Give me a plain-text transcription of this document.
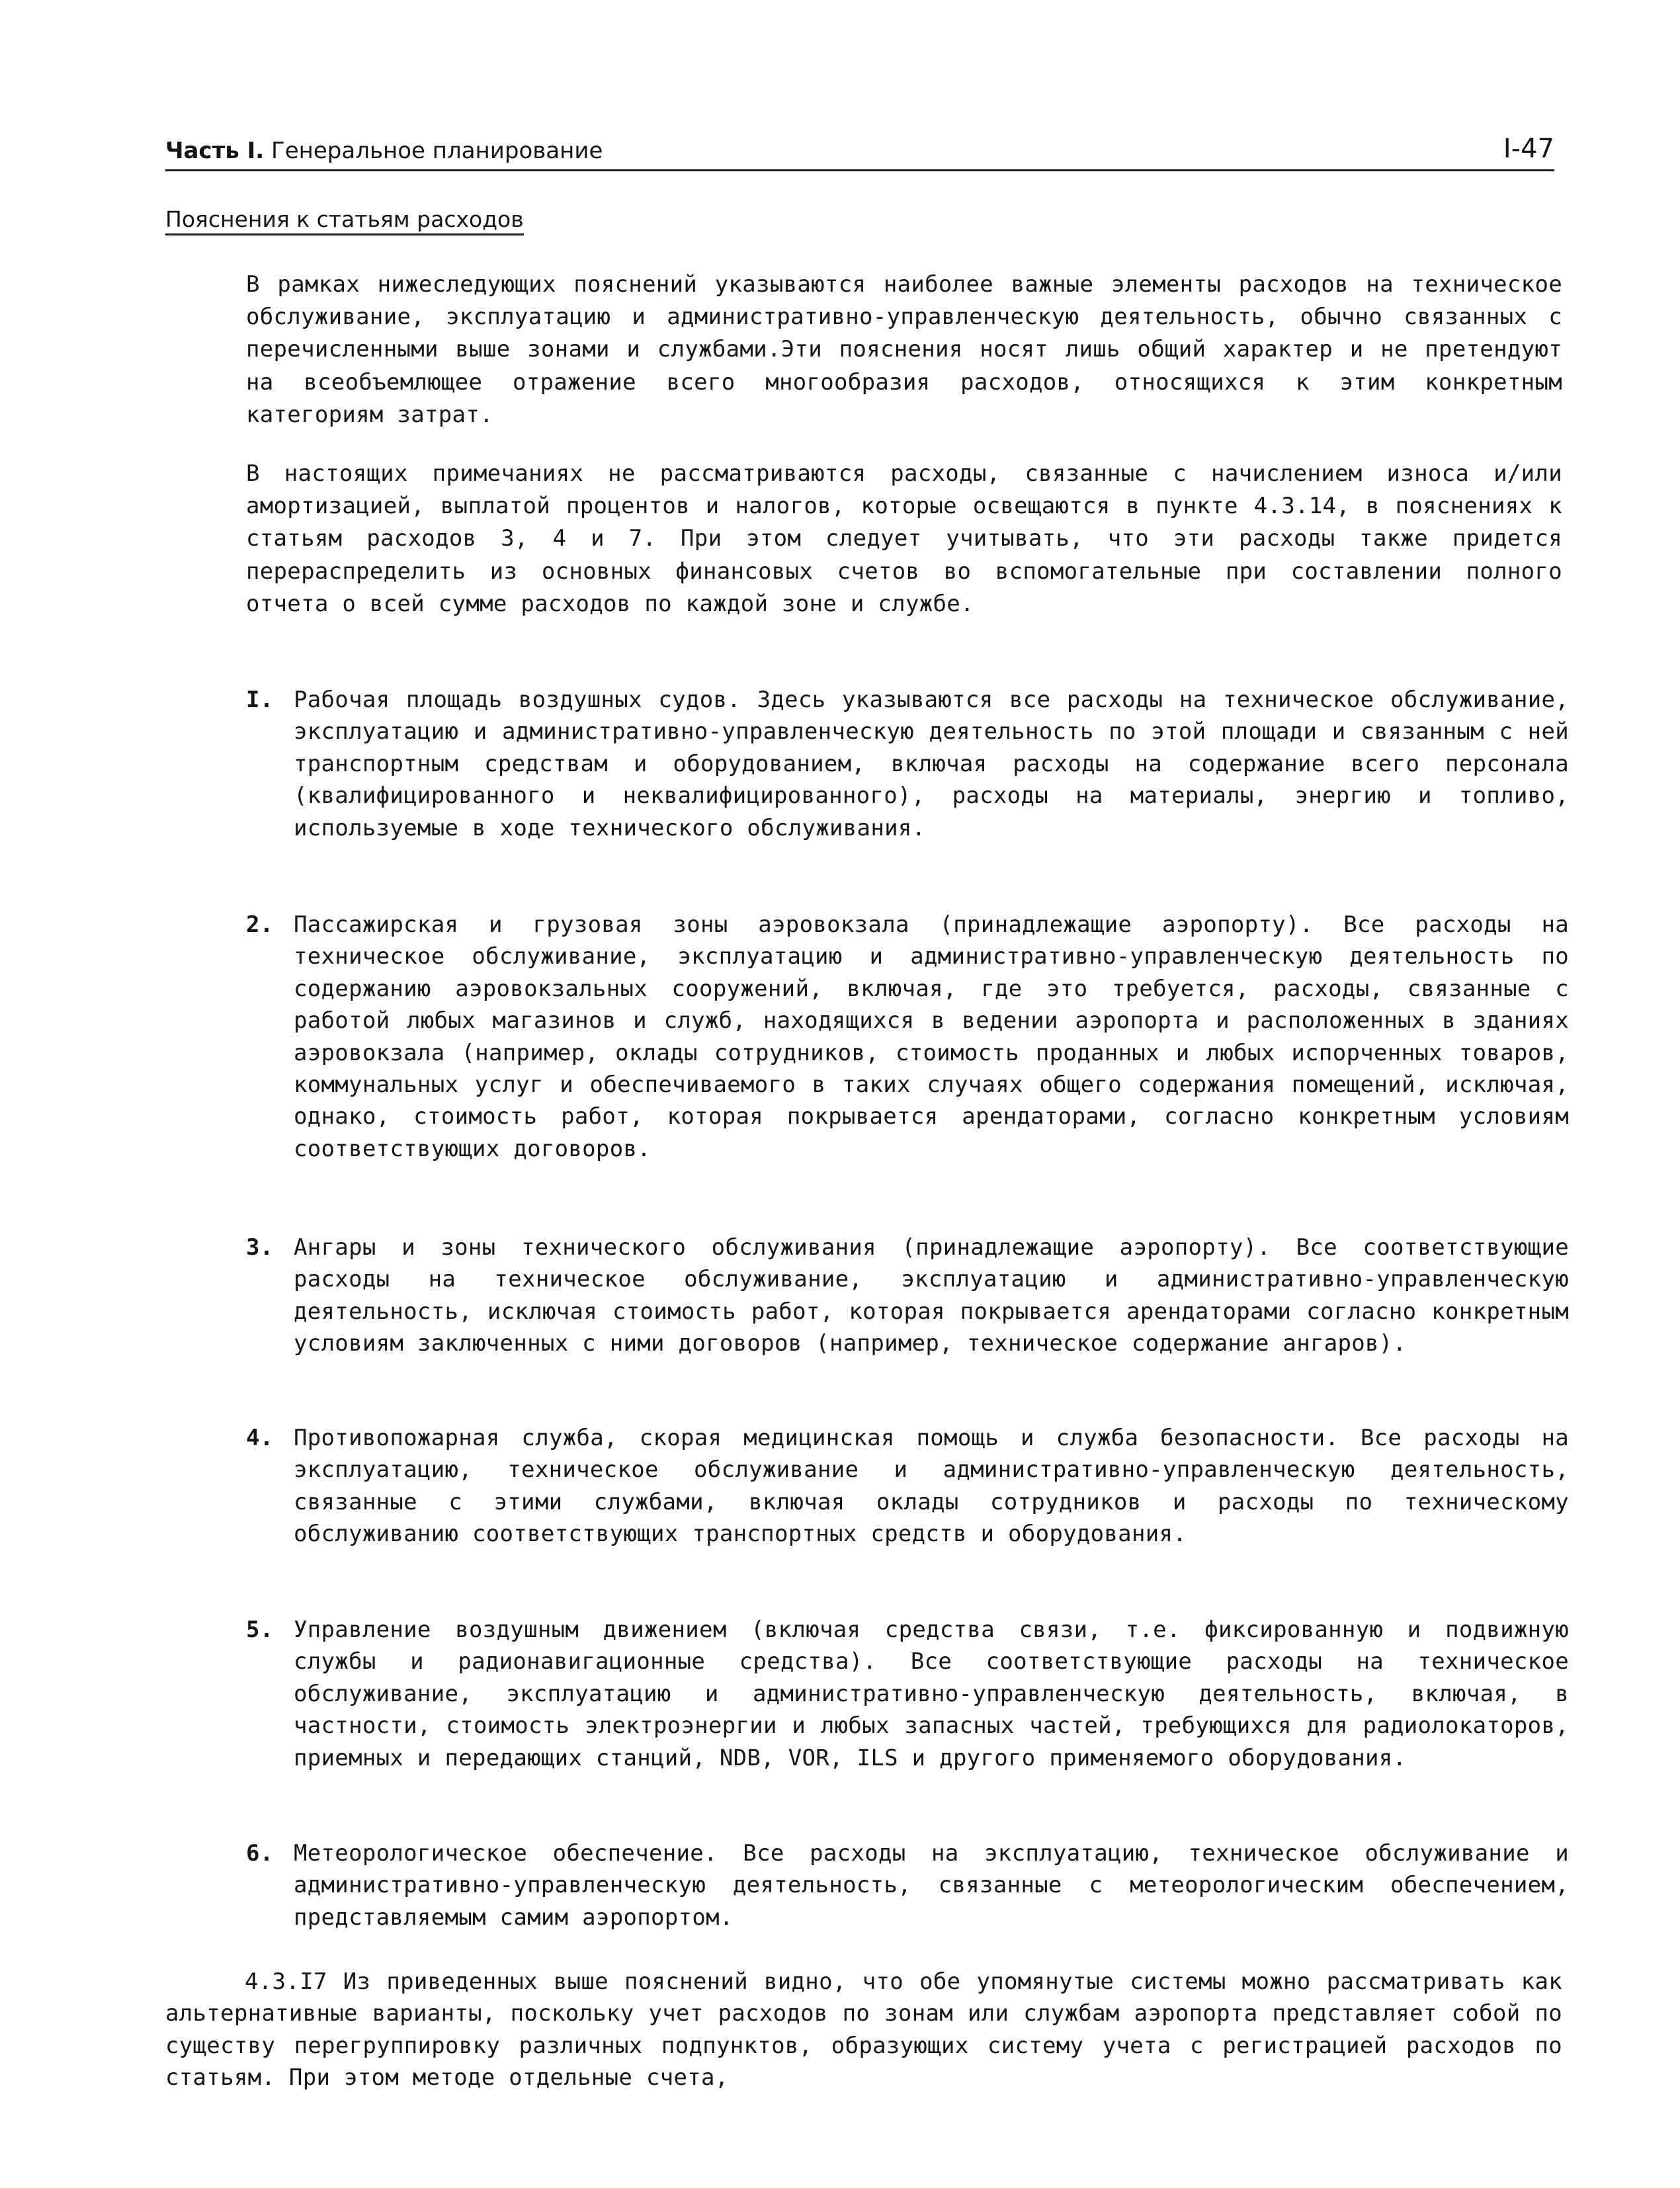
Часть I. Генеральное планирование	I-47
Пояснения к статьям расходов
В рамках нижеследующих пояснений указываются наиболее важные элементы расходов на техническое обслуживание, эксплуатацию и административно-управленческую деятельность, обычно связанных с перечисленными выше зонами и службами.Эти пояснения носят лишь общий характер и не претендуют на всеобъемлющее отражение всего многообразия расходов, относящихся к этим конкретным категориям затрат.
В настоящих примечаниях не рассматриваются расходы, связанные с начислением износа и/или амортизацией, выплатой процентов и налогов, которые освещаются в пункте 4.3.14, в пояснениях к статьям расходов 3, 4 и 7. При этом следует учитывать, что эти расходы также придется перераспределить из основных финансовых счетов во вспомогательные при составлении полного отчета о всей сумме расходов по каждой зоне и службе.
I. Рабочая площадь воздушных судов. Здесь указываются все расходы на техническое обслуживание, эксплуатацию и административно-управленческую деятельность по этой площади и связанным с ней транспортным средствам и оборудованием, включая расходы на содержание всего персонала (квалифицированного и неквалифицированного), расходы на материалы, энергию и топливо, используемые в ходе технического обслуживания.
2. Пассажирская и грузовая зоны аэровокзала (принадлежащие аэропорту). Все расходы на техническое обслуживание, эксплуатацию и административно-управленческую деятельность по содержанию аэровокзальных сооружений, включая, где это требуется, расходы, связанные с работой любых магазинов и служб, находящихся в ведении аэропорта и расположенных в зданиях аэровокзала (например, оклады сотрудников, стоимость проданных и любых испорченных товаров, коммунальных услуг и обеспечиваемого в таких случаях общего содержания помещений, исключая, однако, стоимость работ, которая покрывается арендаторами, согласно конкретным условиям соответствующих договоров.
3. Ангары и зоны технического обслуживания (принадлежащие аэропорту). Все соответствующие расходы на техническое обслуживание, эксплуатацию и административно-управленческую деятельность, исключая стоимость работ, которая покрывается арендаторами согласно конкретным условиям заключенных с ними договоров (например, техническое содержание ангаров).
4. Противопожарная служба, скорая медицинская помощь и служба безопасности. Все расходы на эксплуатацию, техническое обслуживание и административно-управленческую деятельность, связанные с этими службами, включая оклады сотрудников и расходы по техническому обслуживанию соответствующих транспортных средств и оборудования.
5. Управление воздушным движением (включая средства связи, т.е. фиксированную и подвижную службы и радионавигационные средства). Все соответствующие расходы на техническое обслуживание, эксплуатацию и административно-управленческую деятельность, включая, в частности, стоимость электроэнергии и любых запасных частей, требующихся для радиолокаторов, приемных и передающих станций, NDB, VOR, ILS и другого применяемого оборудования.
6. Метеорологическое обеспечение. Все расходы на эксплуатацию, техническое обслуживание и административно-управленческую деятельность, связанные с метеорологическим обеспечением, представляемым самим аэропортом.
4.3.I7 Из приведенных выше пояснений видно, что обе упомянутые системы можно рассматривать как альтернативные варианты, поскольку учет расходов по зонам или службам аэропорта представляет собой по существу перегруппировку различных подпунктов, образующих систему учета с регистрацией расходов по статьям. При этом методе отдельные счета,
